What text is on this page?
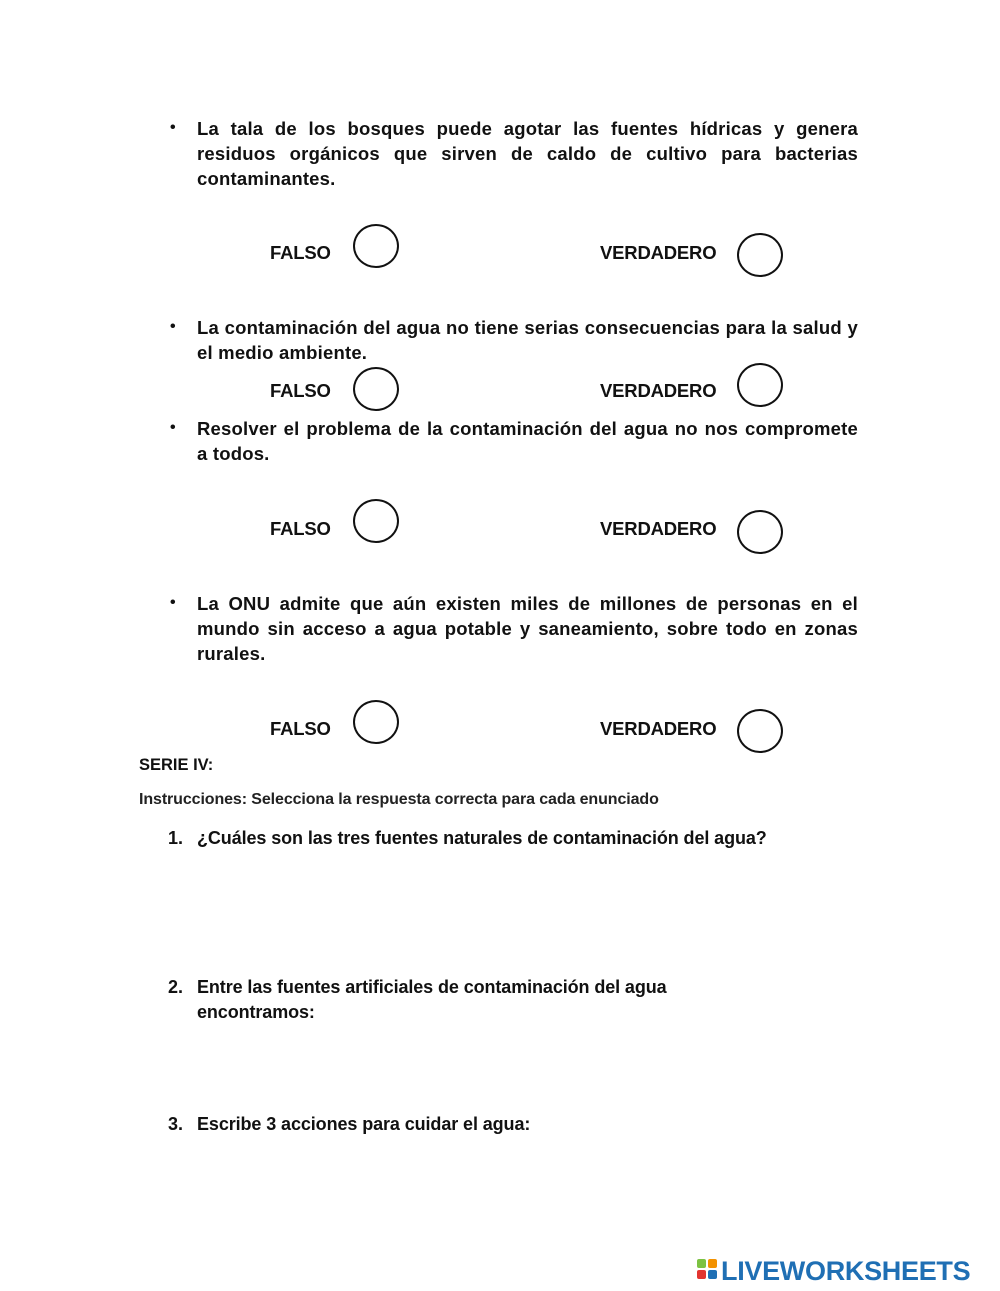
•
La tala de los bosques puede agotar las fuentes hídricas y genera residuos orgánicos que sirven de caldo de cultivo para bacterias contaminantes.
FALSO	VERDADERO
•
La contaminación del agua no tiene serias consecuencias para la salud y el medio ambiente.
FALSO	VERDADERO
•
Resolver el problema de la contaminación del agua no nos compromete a todos.
FALSO	VERDADERO
•
La ONU admite que aún existen miles de millones de personas en el mundo sin acceso a agua potable y saneamiento, sobre todo en zonas rurales.
FALSO	VERDADERO
SERIE IV:
Instrucciones: Selecciona la respuesta correcta para cada enunciado
1. ¿Cuáles son las tres fuentes naturales de contaminación del agua?
2. Entre las fuentes artificiales de contaminación del agua
encontramos:
3. Escribe 3 acciones para cuidar el agua:
LIVEWORKSHEETS
